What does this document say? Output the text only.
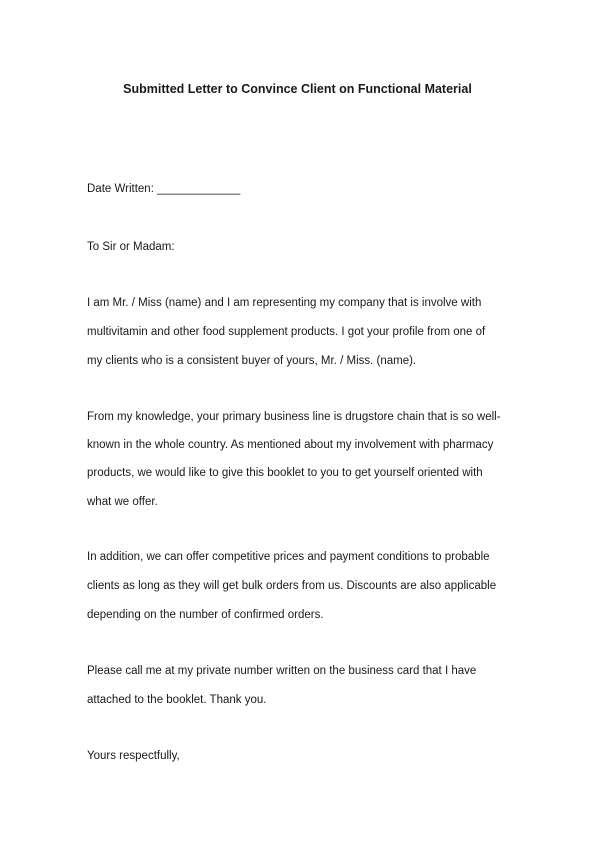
Submitted Letter to Convince Client on Functional Material
Date Written: _____________
To Sir or Madam:
I am Mr. / Miss (name) and I am representing my company that is involve with
multivitamin and other food supplement products. I got your profile from one of
my clients who is a consistent buyer of yours, Mr. / Miss. (name).
From my knowledge, your primary business line is drugstore chain that is so well-
known in the whole country. As mentioned about my involvement with pharmacy
products, we would like to give this booklet to you to get yourself oriented with
what we offer.
In addition, we can offer competitive prices and payment conditions to probable
clients as long as they will get bulk orders from us. Discounts are also applicable
depending on the number of confirmed orders.
Please call me at my private number written on the business card that I have
attached to the booklet. Thank you.
Yours respectfully,
